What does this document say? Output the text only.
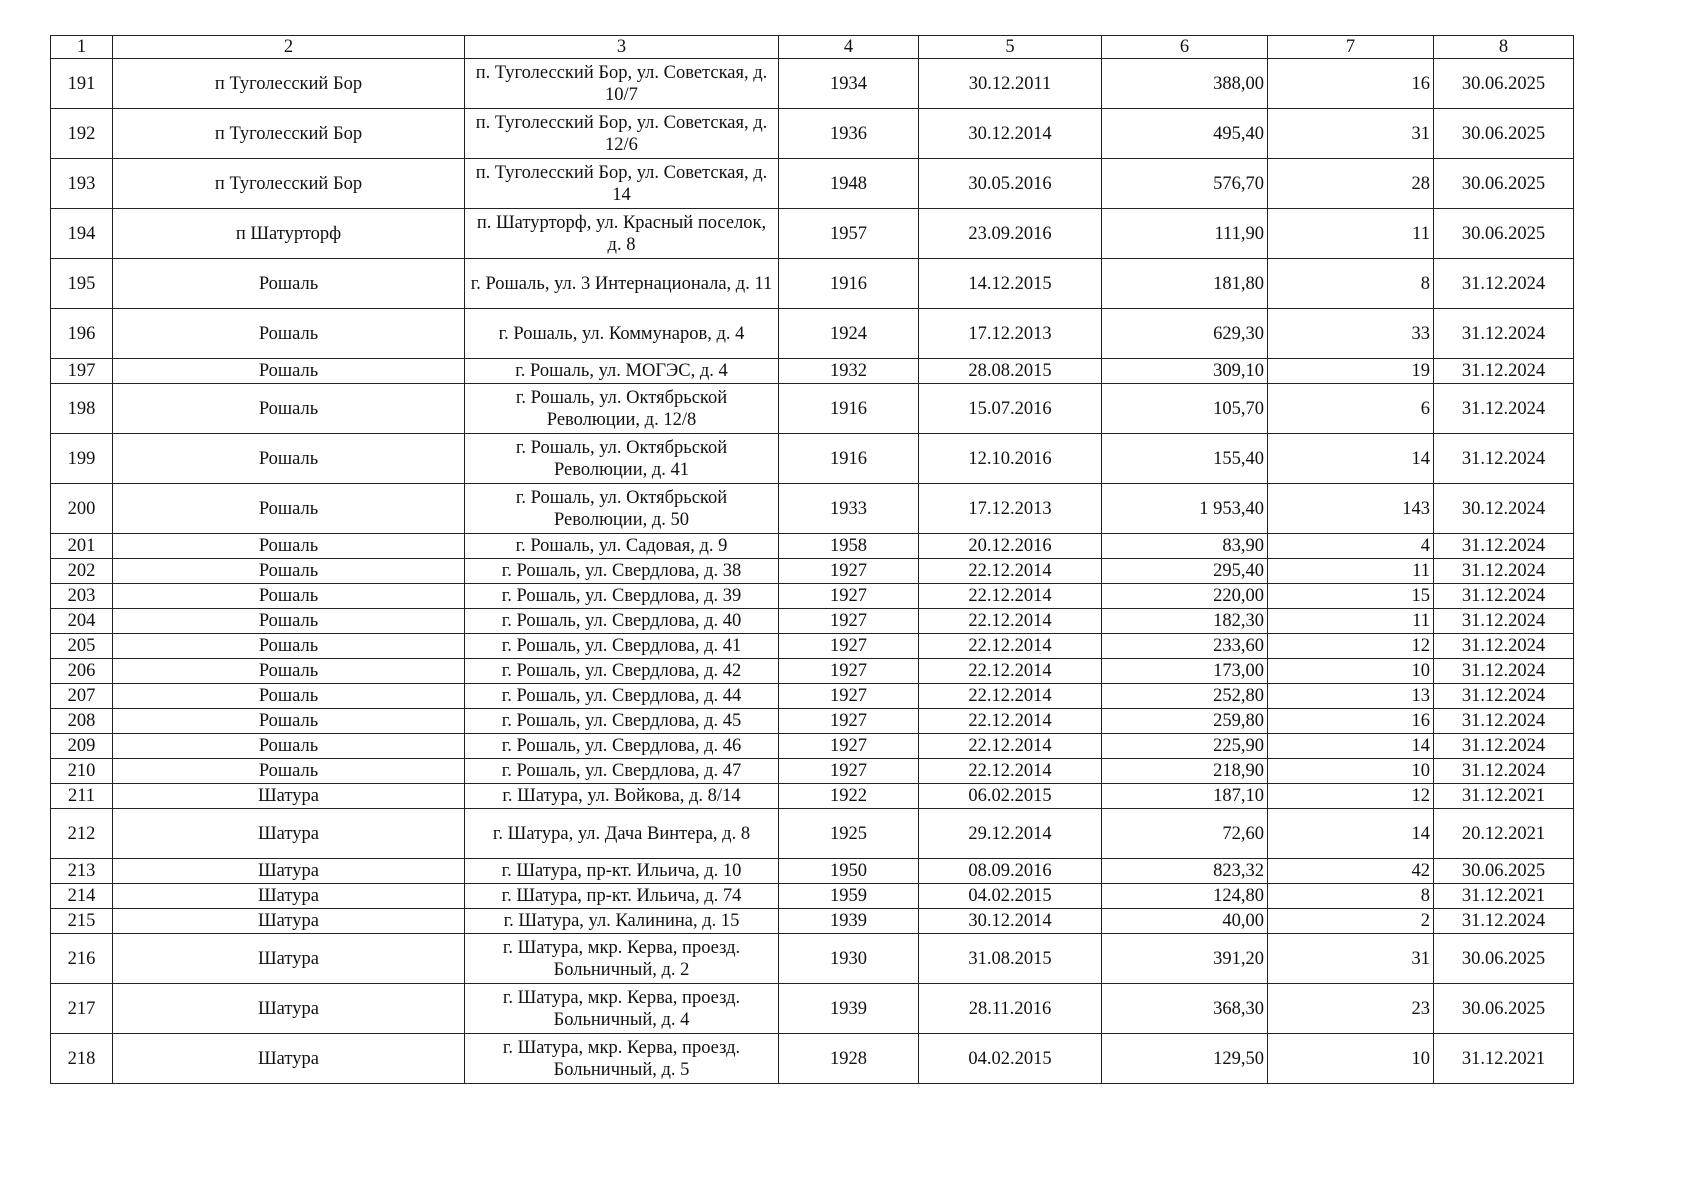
1	2	3	4	5	6	7	8
191	п Туголесский Бор	п. Туголесский Бор, ул. Советская, д. 10/7	1934	30.12.2011	388,00	16	30.06.2025
192	п Туголесский Бор	п. Туголесский Бор, ул. Советская, д. 12/6	1936	30.12.2014	495,40	31	30.06.2025
193	п Туголесский Бор	п. Туголесский Бор, ул. Советская, д. 14	1948	30.05.2016	576,70	28	30.06.2025
194	п Шатурторф	п. Шатурторф, ул. Красный поселок, д. 8	1957	23.09.2016	111,90	11	30.06.2025
195	Рошаль	г. Рошаль, ул. 3 Интернационала, д. 11	1916	14.12.2015	181,80	8	31.12.2024
196	Рошаль	г. Рошаль, ул. Коммунаров, д. 4	1924	17.12.2013	629,30	33	31.12.2024
197	Рошаль	г. Рошаль, ул. МОГЭС, д. 4	1932	28.08.2015	309,10	19	31.12.2024
198	Рошаль	г. Рошаль, ул. Октябрьской Революции, д. 12/8	1916	15.07.2016	105,70	6	31.12.2024
199	Рошаль	г. Рошаль, ул. Октябрьской Революции, д. 41	1916	12.10.2016	155,40	14	31.12.2024
200	Рошаль	г. Рошаль, ул. Октябрьской Революции, д. 50	1933	17.12.2013	1 953,40	143	30.12.2024
201	Рошаль	г. Рошаль, ул. Садовая, д. 9	1958	20.12.2016	83,90	4	31.12.2024
202	Рошаль	г. Рошаль, ул. Свердлова, д. 38	1927	22.12.2014	295,40	11	31.12.2024
203	Рошаль	г. Рошаль, ул. Свердлова, д. 39	1927	22.12.2014	220,00	15	31.12.2024
204	Рошаль	г. Рошаль, ул. Свердлова, д. 40	1927	22.12.2014	182,30	11	31.12.2024
205	Рошаль	г. Рошаль, ул. Свердлова, д. 41	1927	22.12.2014	233,60	12	31.12.2024
206	Рошаль	г. Рошаль, ул. Свердлова, д. 42	1927	22.12.2014	173,00	10	31.12.2024
207	Рошаль	г. Рошаль, ул. Свердлова, д. 44	1927	22.12.2014	252,80	13	31.12.2024
208	Рошаль	г. Рошаль, ул. Свердлова, д. 45	1927	22.12.2014	259,80	16	31.12.2024
209	Рошаль	г. Рошаль, ул. Свердлова, д. 46	1927	22.12.2014	225,90	14	31.12.2024
210	Рошаль	г. Рошаль, ул. Свердлова, д. 47	1927	22.12.2014	218,90	10	31.12.2024
211	Шатура	г. Шатура, ул. Войкова, д. 8/14	1922	06.02.2015	187,10	12	31.12.2021
212	Шатура	г. Шатура, ул. Дача Винтера, д. 8	1925	29.12.2014	72,60	14	20.12.2021
213	Шатура	г. Шатура, пр-кт. Ильича, д. 10	1950	08.09.2016	823,32	42	30.06.2025
214	Шатура	г. Шатура, пр-кт. Ильича, д. 74	1959	04.02.2015	124,80	8	31.12.2021
215	Шатура	г. Шатура, ул. Калинина, д. 15	1939	30.12.2014	40,00	2	31.12.2024
216	Шатура	г. Шатура, мкр. Керва, проезд. Больничный, д. 2	1930	31.08.2015	391,20	31	30.06.2025
217	Шатура	г. Шатура, мкр. Керва, проезд. Больничный, д. 4	1939	28.11.2016	368,30	23	30.06.2025
218	Шатура	г. Шатура, мкр. Керва, проезд. Больничный, д. 5	1928	04.02.2015	129,50	10	31.12.2021
